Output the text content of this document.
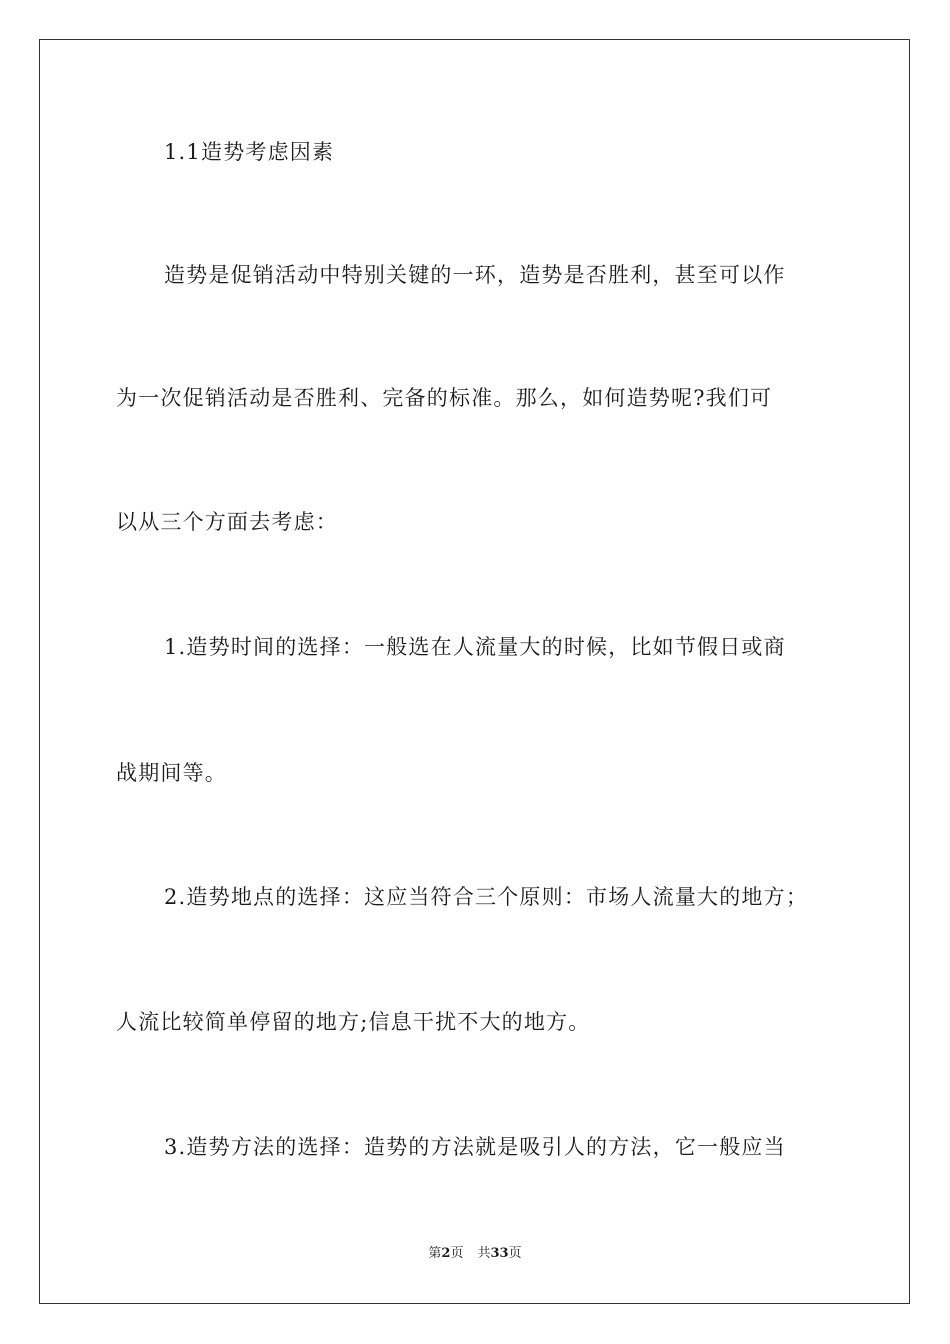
1.1造势考虑因素
造势是促销活动中特别关键的一环，造势是否胜利，甚至可以作
为一次促销活动是否胜利、完备的标准。那么，如何造势呢?我们可
以从三个方面去考虑：
1.造势时间的选择：一般选在人流量大的时候，比如节假日或商
战期间等。
2.造势地点的选择：这应当符合三个原则：市场人流量大的地方；
人流比较简单停留的地方;信息干扰不大的地方。
3.造势方法的选择：造势的方法就是吸引人的方法，它一般应当
第2页 共33页
